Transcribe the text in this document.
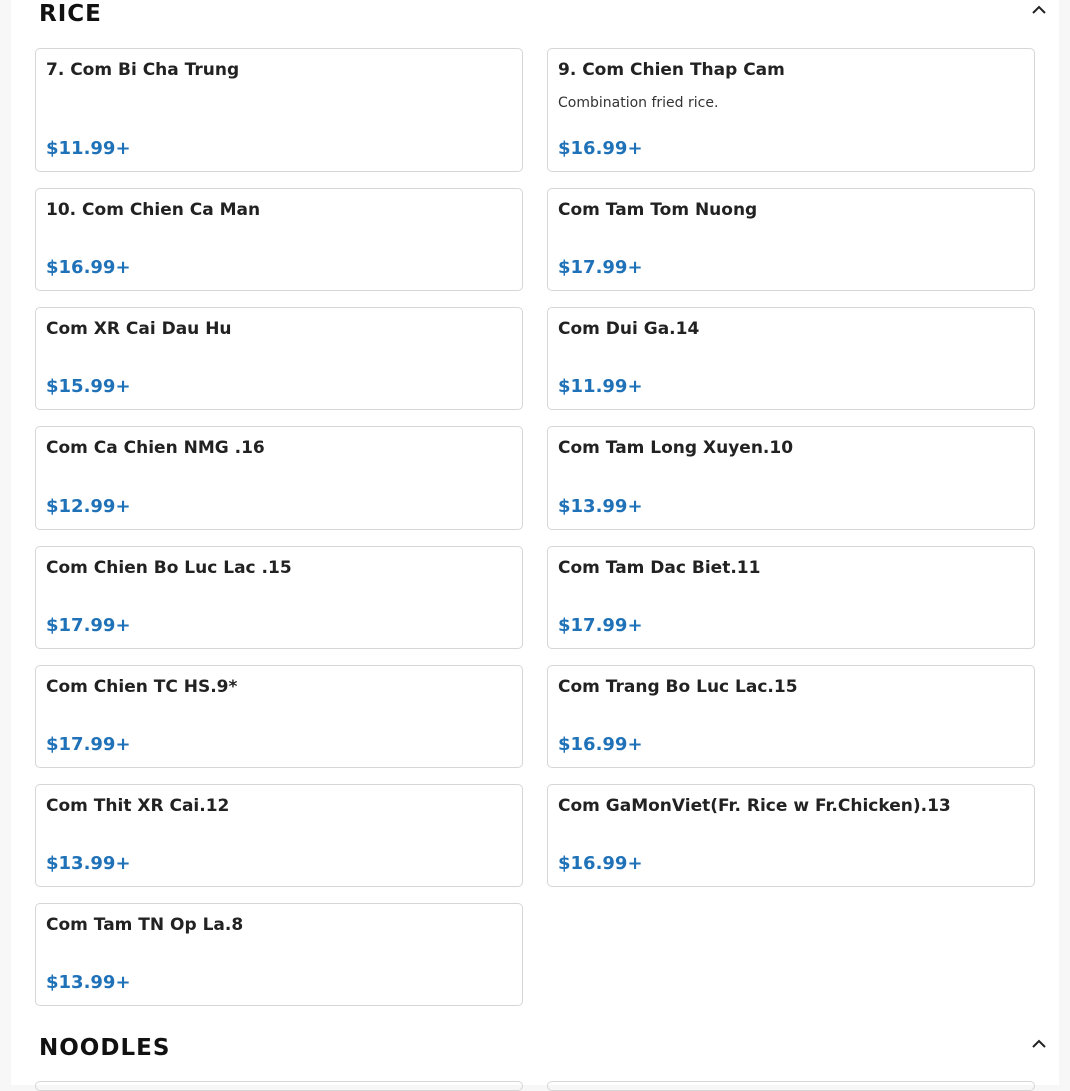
RICE
7. Com Bi Cha Trung
$11.99+
9. Com Chien Thap Cam
Combination fried rice.
$16.99+
10. Com Chien Ca Man
$16.99+
Com Tam Tom Nuong
$17.99+
Com XR Cai Dau Hu
$15.99+
Com Dui Ga.14
$11.99+
Com Ca Chien NMG .16
$12.99+
Com Tam Long Xuyen.10
$13.99+
Com Chien Bo Luc Lac .15
$17.99+
Com Tam Dac Biet.11
$17.99+
Com Chien TC HS.9*
$17.99+
Com Trang Bo Luc Lac.15
$16.99+
Com Thit XR Cai.12
$13.99+
Com GaMonViet(Fr. Rice w Fr.Chicken).13
$16.99+
Com Tam TN Op La.8
$13.99+
NOODLES
